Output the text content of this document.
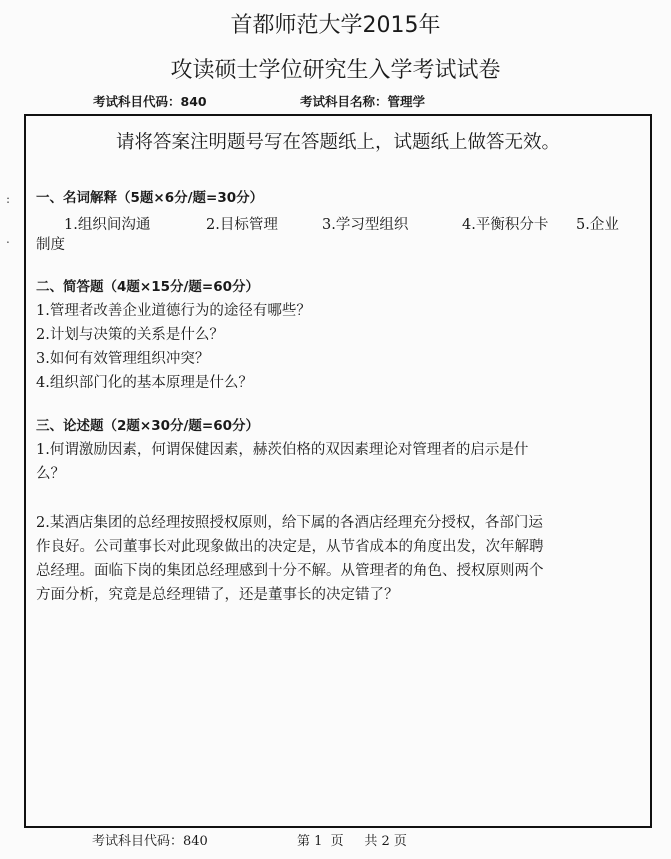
首都师范大学2015年
攻读硕士学位研究生入学考试试卷
考试科目代码：840	考试科目名称：管理学
:
.
请将答案注明题号写在答题纸上，试题纸上做答无效。
一、名词解释（5题×6分/题=30分）
1.组织间沟通	2.目标管理	3.学习型组织	4.平衡积分卡 5.企业
制度
二、简答题（4题×15分/题=60分）
1.管理者改善企业道德行为的途径有哪些？
2.计划与决策的关系是什么？
3.如何有效管理组织冲突？
4.组织部门化的基本原理是什么？
三、论述题（2题×30分/题=60分）
1.何谓激励因素，何谓保健因素，赫茨伯格的双因素理论对管理者的启示是什
么？
2.某酒店集团的总经理按照授权原则，给下属的各酒店经理充分授权，各部门运
作良好。公司董事长对此现象做出的决定是，从节省成本的角度出发，次年解聘
总经理。面临下岗的集团总经理感到十分不解。从管理者的角色、授权原则两个
方面分析，究竟是总经理错了，还是董事长的决定错了？
考试科目代码：840	第 1  页     共 2 页
